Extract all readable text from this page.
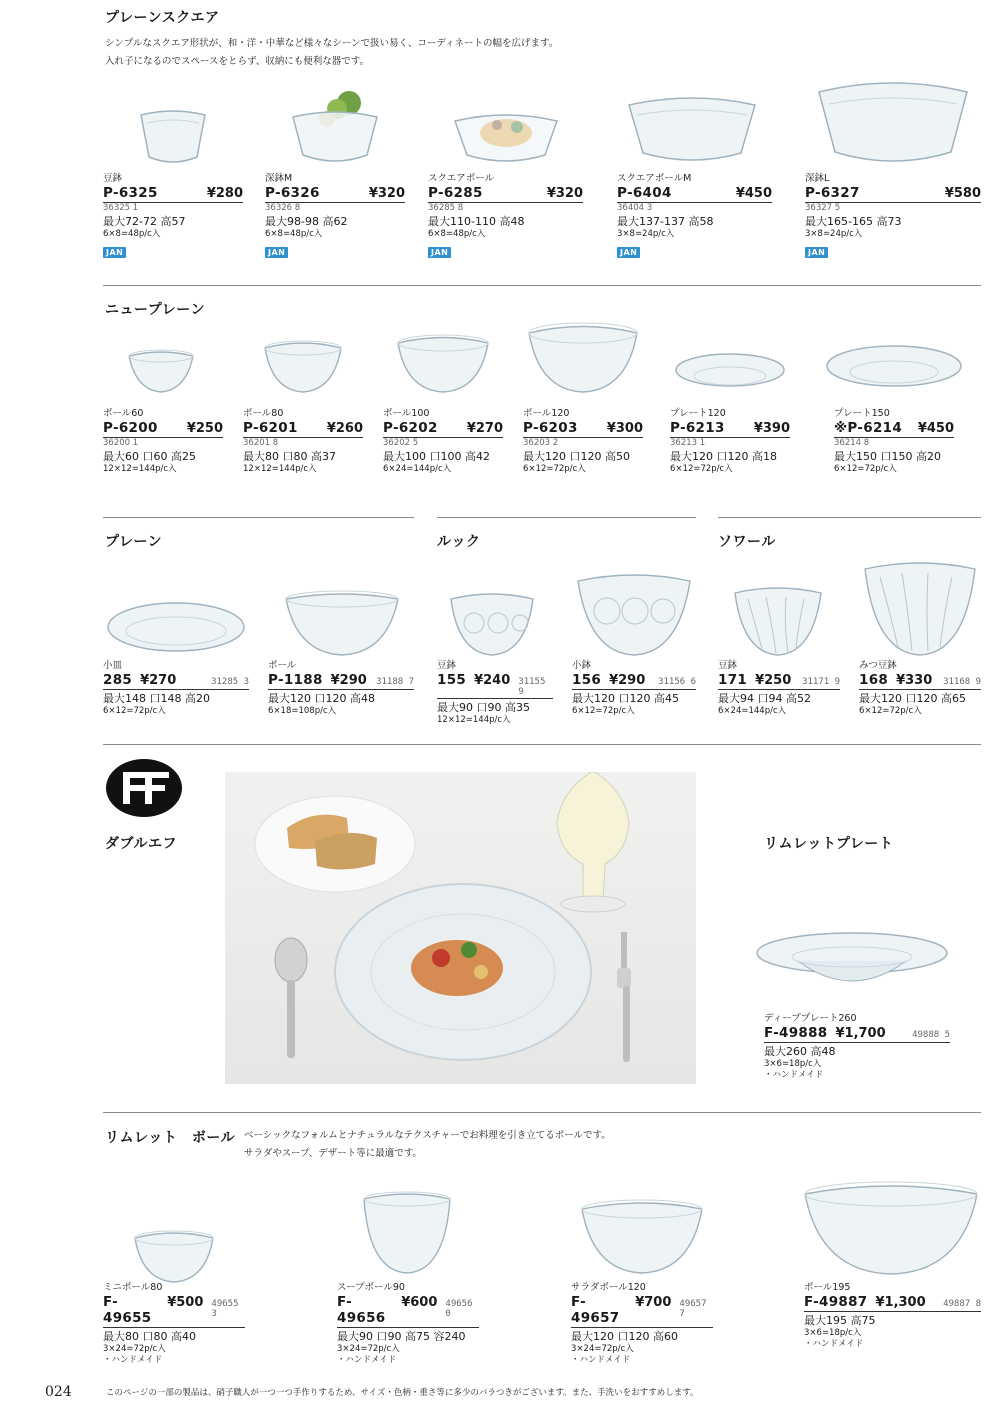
プレーンスクエア
シンプルなスクエア形状が、和・洋・中華など様々なシーンで扱い易く、コーディネートの幅を広げます。
入れ子になるのでスペースをとらず、収納にも便利な器です。
豆鉢
P-6325	¥280
36325 1
最大72-72 高57
6×8=48p/c入
JAN
深鉢M
P-6326	¥320
36326 8
最大98-98 高62
6×8=48p/c入
JAN
スクエアボール
P-6285	¥320
36285 8
最大110-110 高48
6×8=48p/c入
JAN
スクエアボールM
P-6404	¥450
36404 3
最大137-137 高58
3×8=24p/c入
JAN
深鉢L
P-6327	¥580
36327 5
最大165-165 高73
3×8=24p/c入
JAN
ニュープレーン
ボール60
P-6200 ¥250
36200 1
最大60 口60 高25
12×12=144p/c入
ボール80
P-6201 ¥260
36201 8
最大80 口80 高37
12×12=144p/c入
ボール100
P-6202 ¥270
36202 5
最大100 口100 高42
6×24=144p/c入
ボール120
P-6203 ¥300
36203 2
最大120 口120 高50
6×12=72p/c入
プレート120
P-6213 ¥390
36213 1
最大120 口120 高18
6×12=72p/c入
プレート150
※P-6214 ¥450
36214 8
最大150 口150 高20
6×12=72p/c入
プレーン	ルック	ソワール
小皿
285 ¥270	31285 3
最大148 口148 高20
6×12=72p/c入
ボール
P-1188 ¥290 31188 7
最大120 口120 高48
6×18=108p/c入
豆鉢
155 ¥240 31155 9
最大90 口90 高35
12×12=144p/c入
小鉢
156 ¥290 31156 6
最大120 口120 高45
6×12=72p/c入
豆鉢
171 ¥250 31171 9
最大94 口94 高52
6×24=144p/c入
みつ豆鉢
168 ¥330 31168 9
最大120 口120 高65
6×12=72p/c入
ダブルエフ	リムレットプレート
ディーププレート260
F-49888 ¥1,700	49888 5
最大260 高48
3×6=18p/c入
・ハンドメイド
リムレット　ボール ベーシックなフォルムとナチュラルなテクスチャーでお料理を引き立てるボールです。
サラダやスープ、デザート等に最適です。
ミニボール80
F-49655
¥500 49655 3
最大80 口80 高40
3×24=72p/c入
・ハンドメイド
スープボール90
F-49656
¥600 49656 0
最大90 口90 高75 容240
3×24=72p/c入
・ハンドメイド
サラダボール120
F-49657
¥700 49657 7
最大120 口120 高60
3×24=72p/c入
・ハンドメイド
ボール195
F-49887 ¥1,300 49887 8
最大195 高75
3×6=18p/c入
・ハンドメイド
024	このページの一部の製品は、硝子職人が一つ一つ手作りするため、サイズ・色柄・重さ等に多少のバラつきがございます。また、手洗いをおすすめします。
